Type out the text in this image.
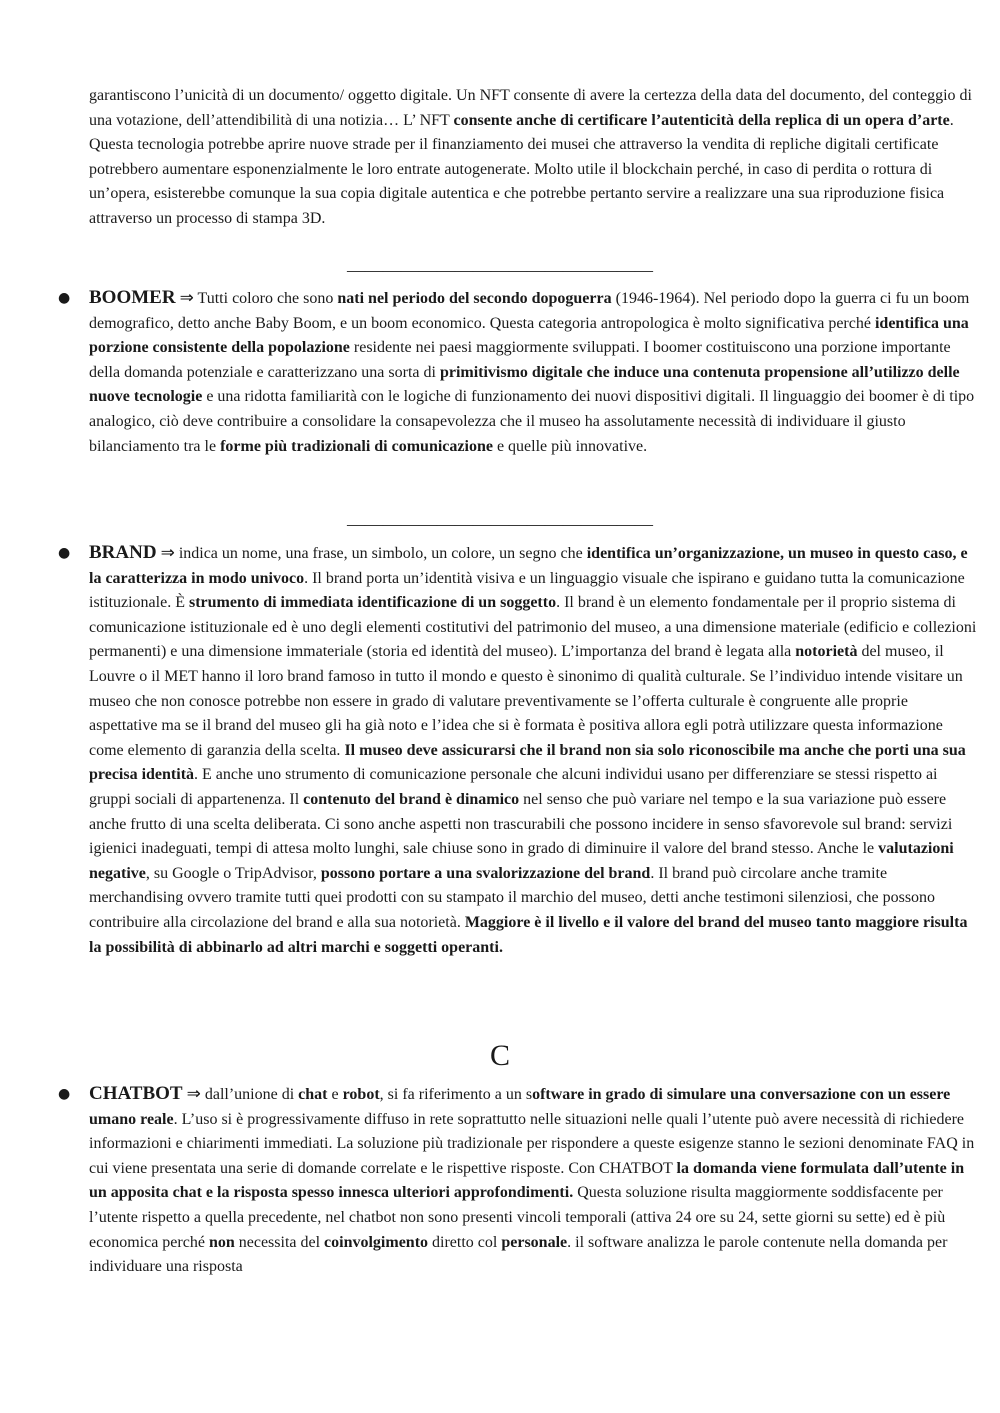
garantiscono l’unicità di un documento/ oggetto digitale. Un NFT consente di avere la certezza della data del documento, del conteggio di una votazione, dell’attendibilità di una notizia… L’ NFT consente anche di certificare l’autenticità della replica di un opera d’arte. Questa tecnologia potrebbe aprire nuove strade per il finanziamento dei musei che attraverso la vendita di repliche digitali certificate potrebbero aumentare esponenzialmente le loro entrate autogenerate. Molto utile il blockchain perché, in caso di perdita o rottura di un’opera, esisterebbe comunque la sua copia digitale autentica e che potrebbe pertanto servire a realizzare una sua riproduzione fisica attraverso un processo di stampa 3D.
—————————————————
● BOOMER ⇒ Tutti coloro che sono nati nel periodo del secondo dopoguerra (1946-1964). Nel periodo dopo la guerra ci fu un boom demografico, detto anche Baby Boom, e un boom economico. Questa categoria antropologica è molto significativa perché identifica una porzione consistente della popolazione residente nei paesi maggiormente sviluppati. I boomer costituiscono una porzione importante della domanda potenziale e caratterizzano una sorta di primitivismo digitale che induce una contenuta propensione all’utilizzo delle nuove tecnologie e una ridotta familiarità con le logiche di funzionamento dei nuovi dispositivi digitali. Il linguaggio dei boomer è di tipo analogico, ciò deve contribuire a consolidare la consapevolezza che il museo ha assolutamente necessità di individuare il giusto bilanciamento tra le forme più tradizionali di comunicazione e quelle più innovative.
—————————————————
● BRAND ⇒ indica un nome, una frase, un simbolo, un colore, un segno che identifica un’organizzazione, un museo in questo caso, e la caratterizza in modo univoco. Il brand porta un’identità visiva e un linguaggio visuale che ispirano e guidano tutta la comunicazione istituzionale. È strumento di immediata identificazione di un soggetto. Il brand è un elemento fondamentale per il proprio sistema di comunicazione istituzionale ed è uno degli elementi costitutivi del patrimonio del museo, a una dimensione materiale (edificio e collezioni permanenti) e una dimensione immateriale (storia ed identità del museo). L’importanza del brand è legata alla notorietà del museo, il Louvre o il MET hanno il loro brand famoso in tutto il mondo e questo è sinonimo di qualità culturale. Se l’individuo intende visitare un museo che non conosce potrebbe non essere in grado di valutare preventivamente se l’offerta culturale è congruente alle proprie aspettative ma se il brand del museo gli ha già noto e l’idea che si è formata è positiva allora egli potrà utilizzare questa informazione come elemento di garanzia della scelta. Il museo deve assicurarsi che il brand non sia solo riconoscibile ma anche che porti una sua precisa identità. E anche uno strumento di comunicazione personale che alcuni individui usano per differenziare se stessi rispetto ai gruppi sociali di appartenenza. Il contenuto del brand è dinamico nel senso che può variare nel tempo e la sua variazione può essere anche frutto di una scelta deliberata. Ci sono anche aspetti non trascurabili che possono incidere in senso sfavorevole sul brand: servizi igienici inadeguati, tempi di attesa molto lunghi, sale chiuse sono in grado di diminuire il valore del brand stesso. Anche le valutazioni negative, su Google o TripAdvisor, possono portare a una svalorizzazione del brand. Il brand può circolare anche tramite merchandising ovvero tramite tutti quei prodotti con su stampato il marchio del museo, detti anche testimoni silenziosi, che possono contribuire alla circolazione del brand e alla sua notorietà. Maggiore è il livello e il valore del brand del museo tanto maggiore risulta la possibilità di abbinarlo ad altri marchi e soggetti operanti.
C
● CHATBOT ⇒ dall’unione di chat e robot, si fa riferimento a un software in grado di simulare una conversazione con un essere umano reale. L’uso si è progressivamente diffuso in rete soprattutto nelle situazioni nelle quali l’utente può avere necessità di richiedere informazioni e chiarimenti immediati. La soluzione più tradizionale per rispondere a queste esigenze stanno le sezioni denominate FAQ in cui viene presentata una serie di domande correlate e le rispettive risposte. Con CHATBOT la domanda viene formulata dall’utente in un apposita chat e la risposta spesso innesca ulteriori approfondimenti. Questa soluzione risulta maggiormente soddisfacente per l’utente rispetto a quella precedente, nel chatbot non sono presenti vincoli temporali (attiva 24 ore su 24, sette giorni su sette) ed è più economica perché non necessita del coinvolgimento diretto col personale. il software analizza le parole contenute nella domanda per individuare una risposta
